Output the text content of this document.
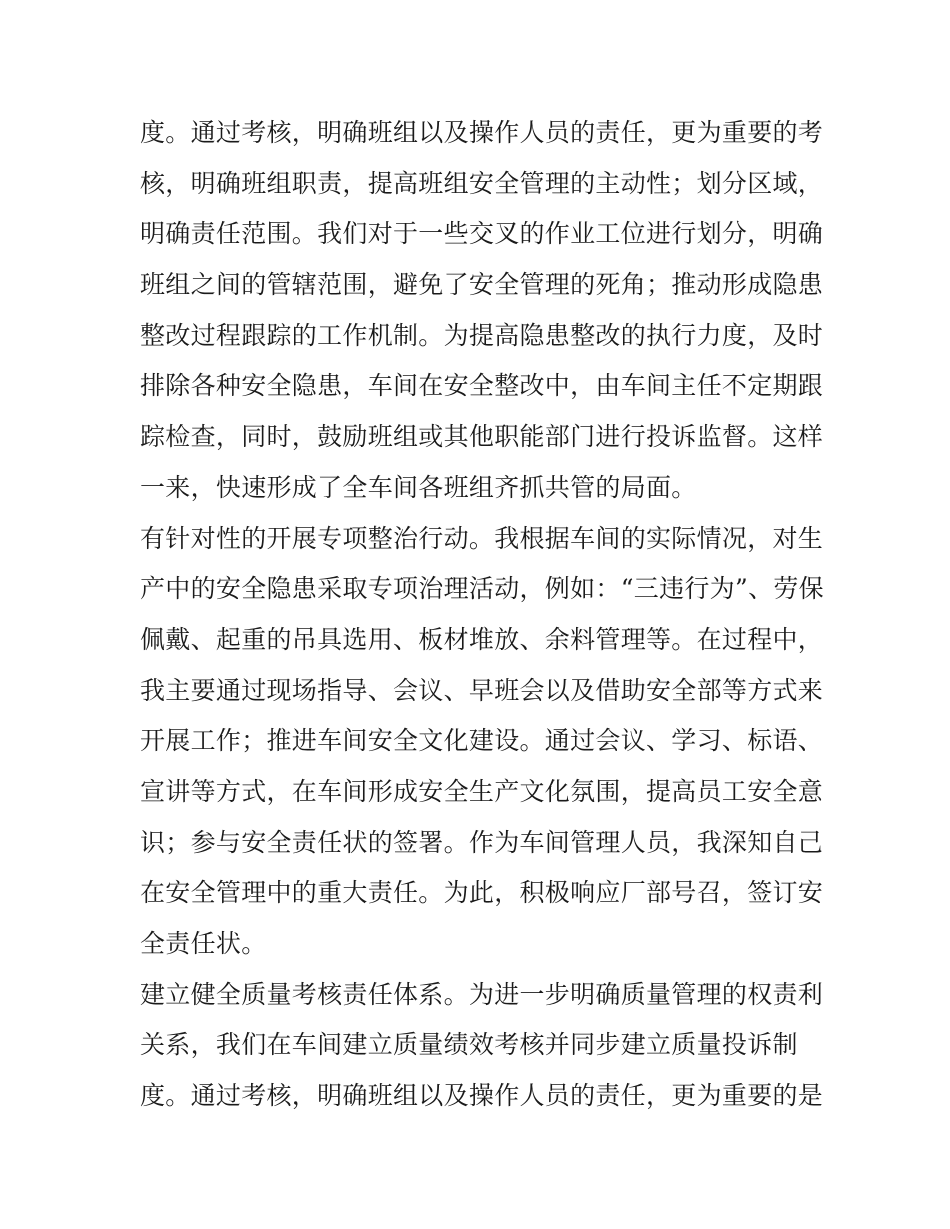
度。通过考核，明确班组以及操作人员的责任，更为重要的考
核，明确班组职责，提高班组安全管理的主动性；划分区域，
明确责任范围。我们对于一些交叉的作业工位进行划分，明确
班组之间的管辖范围，避免了安全管理的死角；推动形成隐患
整改过程跟踪的工作机制。为提高隐患整改的执行力度，及时
排除各种安全隐患，车间在安全整改中，由车间主任不定期跟
踪检查，同时，鼓励班组或其他职能部门进行投诉监督。这样
一来，快速形成了全车间各班组齐抓共管的局面。
有针对性的开展专项整治行动。我根据车间的实际情况，对生
产中的安全隐患采取专项治理活动，例如：“三违行为”、劳保
佩戴、起重的吊具选用、板材堆放、余料管理等。在过程中，
我主要通过现场指导、会议、早班会以及借助安全部等方式来
开展工作；推进车间安全文化建设。通过会议、学习、标语、
宣讲等方式，在车间形成安全生产文化氛围，提高员工安全意
识；参与安全责任状的签署。作为车间管理人员，我深知自己
在安全管理中的重大责任。为此，积极响应厂部号召，签订安
全责任状。
建立健全质量考核责任体系。为进一步明确质量管理的权责利
关系，我们在车间建立质量绩效考核并同步建立质量投诉制
度。通过考核，明确班组以及操作人员的责任，更为重要的是
